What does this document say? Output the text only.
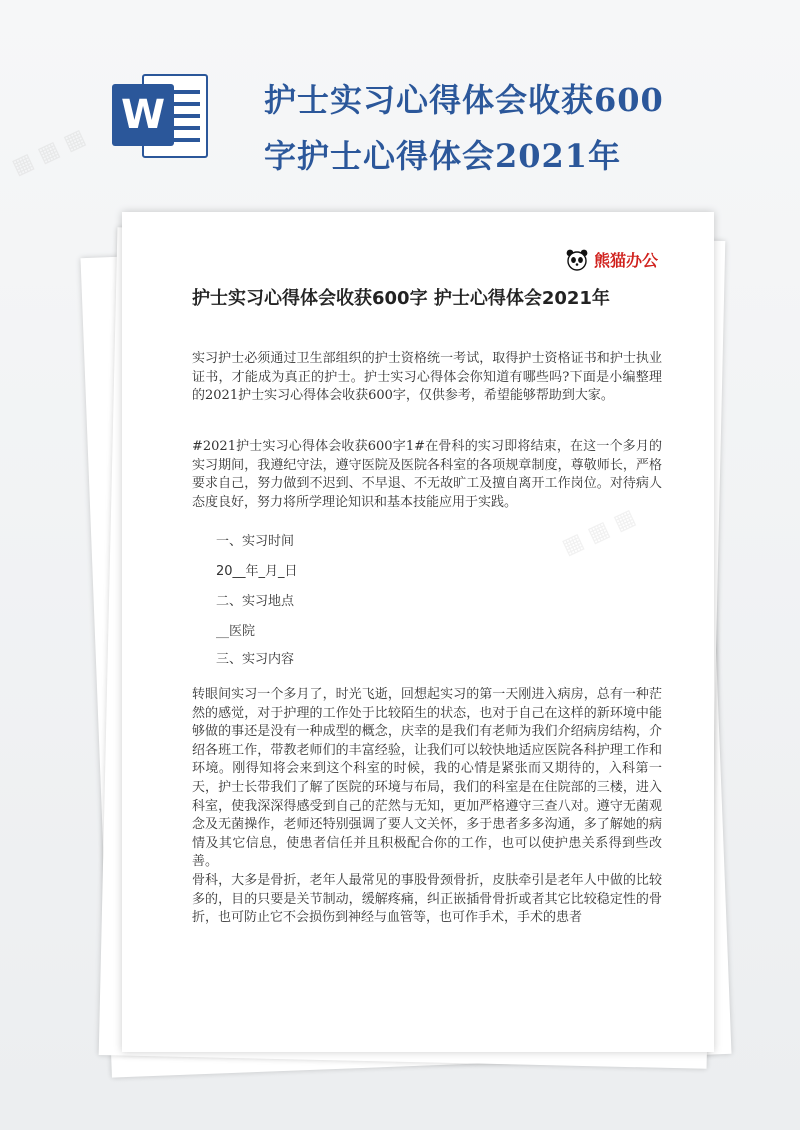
W	护士实习心得体会收获600
字护士心得体会2021年
熊猫办公
护士实习心得体会收获600字 护士心得体会2021年

实习护士必须通过卫生部组织的护士资格统一考试，取得护士资格证书和护士执业证书，才能成为真正的护士。护士实习心得体会你知道有哪些吗?下面是小编整理的2021护士实习心得体会收获600字，仅供参考，希望能够帮助到大家。

#2021护士实习心得体会收获600字1#在骨科的实习即将结束，在这一个多月的实习期间，我遵纪守法，遵守医院及医院各科室的各项规章制度，尊敬师长，严格要求自己，努力做到不迟到、不早退、不无故旷工及擅自离开工作岗位。对待病人态度良好，努力将所学理论知识和基本技能应用于实践。

一、实习时间
20__年_月_日
二、实习地点
__医院
三、实习内容

转眼间实习一个多月了，时光飞逝，回想起实习的第一天刚进入病房，总有一种茫然的感觉，对于护理的工作处于比较陌生的状态，也对于自己在这样的新环境中能够做的事还是没有一种成型的概念，庆幸的是我们有老师为我们介绍病房结构，介绍各班工作，带教老师们的丰富经验，让我们可以较快地适应医院各科护理工作和环境。刚得知将会来到这个科室的时候，我的心情是紧张而又期待的，入科第一天，护士长带我们了解了医院的环境与布局，我们的科室是在住院部的三楼，进入科室，使我深深得感受到自己的茫然与无知，更加严格遵守三查八对。遵守无菌观念及无菌操作，老师还特别强调了要人文关怀，多于患者多多沟通，多了解她的病情及其它信息，使患者信任并且积极配合你的工作，也可以使护患关系得到些改善。

骨科，大多是骨折，老年人最常见的事股骨颈骨折，皮肤牵引是老年人中做的比较多的，目的只要是关节制动，缓解疼痛，纠正嵌插骨骨折或者其它比较稳定性的骨折，也可防止它不会损伤到神经与血管等，也可作手术，手术的患者

▦ ▦ ▦
